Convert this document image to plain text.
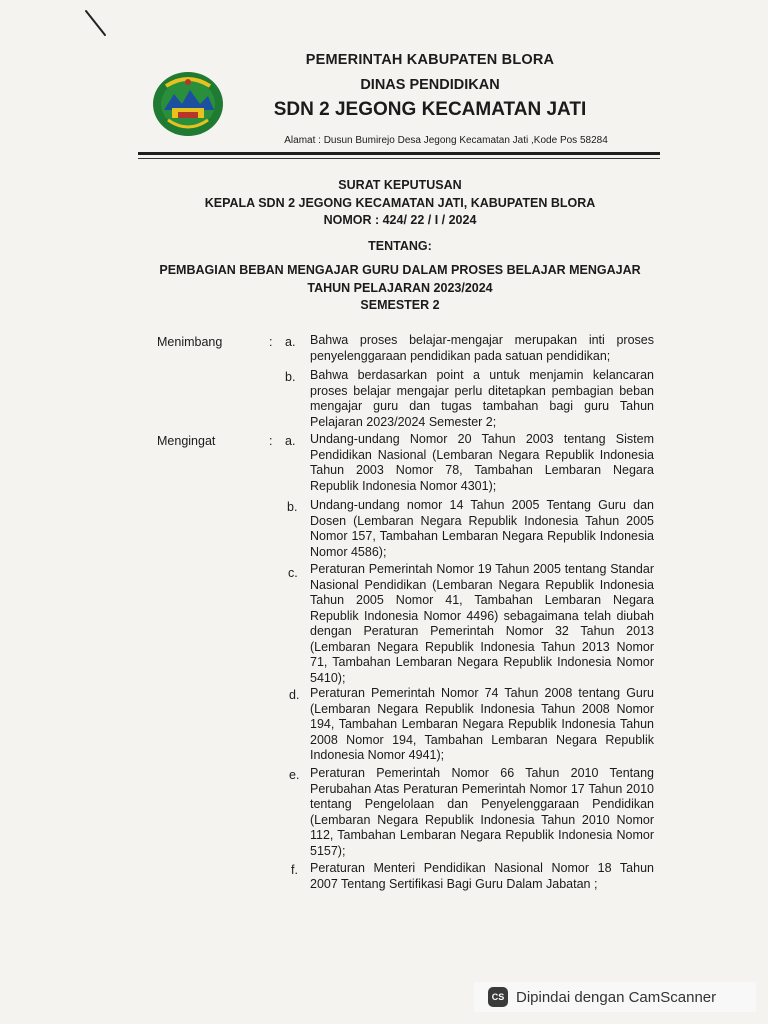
PEMERINTAH KABUPATEN BLORA
DINAS PENDIDIKAN
SDN 2 JEGONG KECAMATAN JATI
Alamat : Dusun Bumirejo Desa Jegong Kecamatan Jati ,Kode Pos 58284
SURAT KEPUTUSAN
KEPALA SDN 2 JEGONG KECAMATAN JATI, KABUPATEN BLORA
NOMOR : 424/ 22 / I / 2024
TENTANG:
PEMBAGIAN BEBAN MENGAJAR GURU DALAM PROSES BELAJAR MENGAJAR
TAHUN PELAJARAN 2023/2024
SEMESTER 2
Menimbang	: a. Bahwa proses belajar-mengajar merupakan inti proses penyelenggaraan pendidikan pada satuan pendidikan;
b. Bahwa berdasarkan point a untuk menjamin kelancaran proses belajar mengajar perlu ditetapkan pembagian beban mengajar guru dan tugas tambahan bagi guru Tahun Pelajaran 2023/2024 Semester 2;
Mengingat	: a. Undang-undang Nomor 20 Tahun 2003 tentang Sistem Pendidikan Nasional (Lembaran Negara Republik Indonesia Tahun 2003 Nomor 78, Tambahan Lembaran Negara Republik Indonesia Nomor 4301);
b. Undang-undang nomor 14 Tahun 2005 Tentang Guru dan Dosen (Lembaran Negara Republik Indonesia Tahun 2005 Nomor 157, Tambahan Lembaran Negara Republik Indonesia Nomor 4586);
c. Peraturan Pemerintah Nomor 19 Tahun 2005 tentang Standar Nasional Pendidikan (Lembaran Negara Republik Indonesia Tahun 2005 Nomor 41, Tambahan Lembaran Negara Republik Indonesia Nomor 4496) sebagaimana telah diubah dengan Peraturan Pemerintah Nomor 32 Tahun 2013 (Lembaran Negara Republik Indonesia Tahun 2013 Nomor 71, Tambahan Lembaran Negara Republik Indonesia Nomor 5410);
d. Peraturan Pemerintah Nomor 74 Tahun 2008 tentang Guru (Lembaran Negara Republik Indonesia Tahun 2008 Nomor 194, Tambahan Lembaran Negara Republik Indonesia Tahun 2008 Nomor 194, Tambahan Lembaran Negara Republik Indonesia Nomor 4941);
e. Peraturan Pemerintah Nomor 66 Tahun 2010 Tentang Perubahan Atas Peraturan Pemerintah Nomor 17 Tahun 2010 tentang Pengelolaan dan Penyelenggaraan Pendidikan (Lembaran Negara Republik Indonesia Tahun 2010 Nomor 112, Tambahan Lembaran Negara Republik Indonesia Nomor 5157);
f. Peraturan Menteri Pendidikan Nasional Nomor 18 Tahun 2007 Tentang Sertifikasi Bagi Guru Dalam Jabatan ;
CS Dipindai dengan CamScanner
